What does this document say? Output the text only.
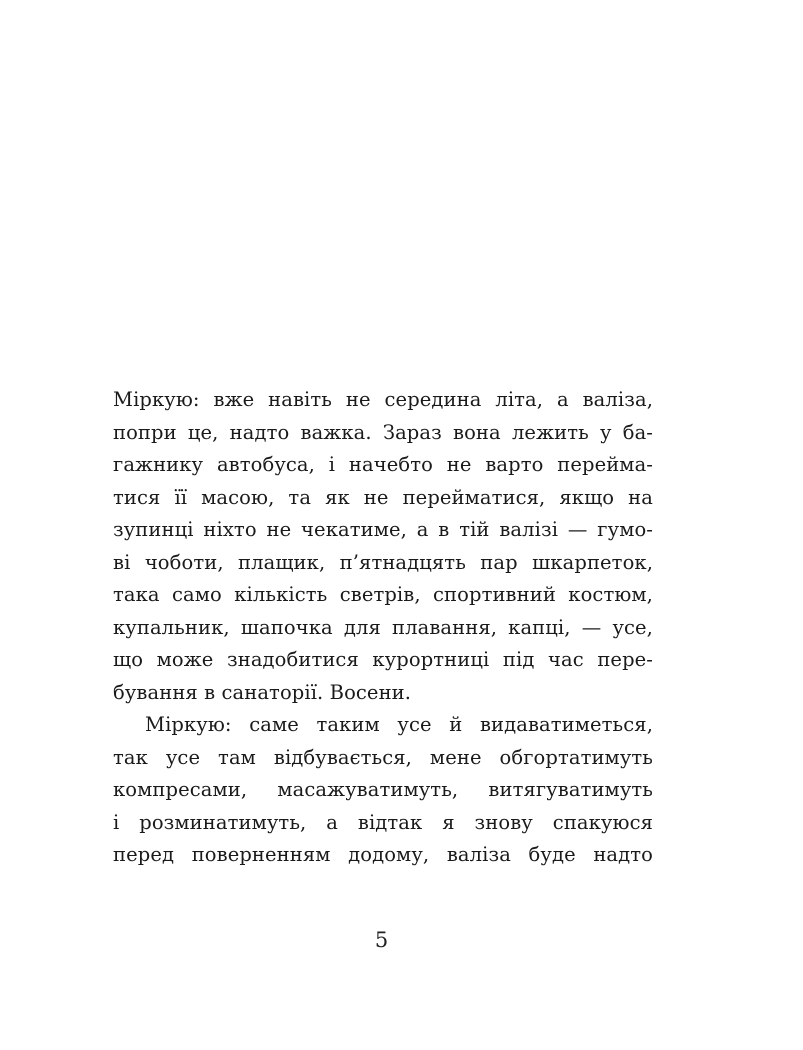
Міркую: вже навіть не середина літа, а валіза,
попри це, надто важка. Зараз вона лежить у ба-
гажнику автобуса, і начебто не варто перейма-
тися її масою, та як не перейматися, якщо на
зупинці ніхто не чекатиме, а в тій валізі — гумо-
ві чоботи, плащик, п’ятнадцять пар шкарпеток,
така само кількість светрів, спортивний костюм,
купальник, шапочка для плавання, капці, — усе,
що може знадобитися курортниці під час пере-
бування в санаторії. Восени.
Міркую: саме таким усе й видаватиметься,
так усе там відбувається, мене обгортатимуть
компресами, масажуватимуть, витягуватимуть
і розминатимуть, а відтак я знову спакуюся
перед поверненням додому, валіза буде надто
5
